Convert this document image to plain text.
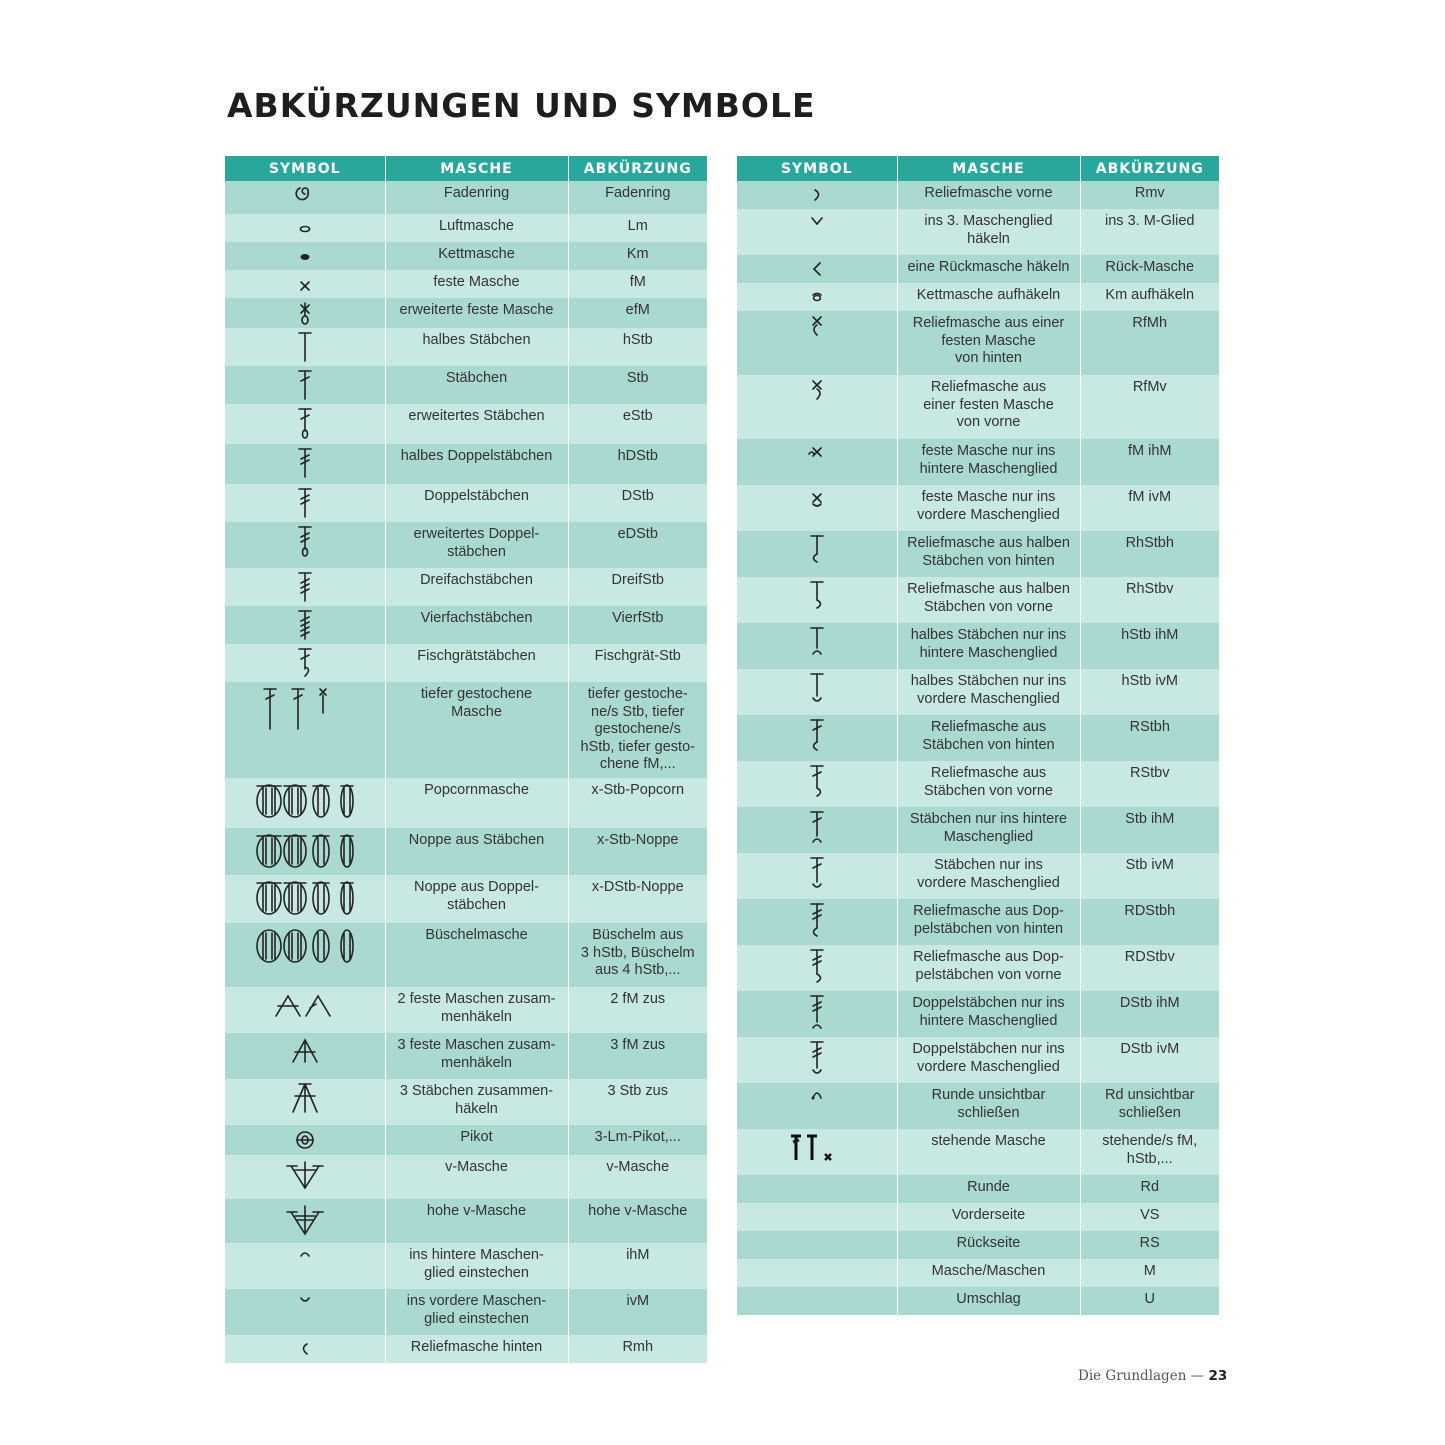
ABKÜRZUNGEN UND SYMBOLE
SYMBOL	MASCHE	ABKÜRZUNG

	Fadenring	Fadenring

	Luftmasche	Lm

	Kettmasche	Km

	feste Masche	fM

	erweiterte feste Masche	efM

	halbes Stäbchen	hStb

	Stäbchen	Stb

	erweitertes Stäbchen	eStb

	halbes Doppelstäbchen	hDStb

	Doppelstäbchen	DStb

	erweitertes Doppel-
stäbchen	eDStb

	Dreifachstäbchen	DreifStb

	Vierfachstäbchen	VierfStb

	Fischgrätstäbchen	Fischgrät-Stb

	tiefer gestochene
Masche	tiefer gestoche-
ne/s Stb, tiefer
gestochene/s
hStb, tiefer gesto-
chene fM,...

	Popcornmasche	x-Stb-Popcorn

	Noppe aus Stäbchen	x-Stb-Noppe

	Noppe aus Doppel-
stäbchen	x-DStb-Noppe

	Büschelmasche	Büschelm aus
3 hStb, Büschelm
aus 4 hStb,...

	2 feste Maschen zusam-
menhäkeln	2 fM zus

	3 feste Maschen zusam-
menhäkeln	3 fM zus

	3 Stäbchen zusammen-
häkeln	3 Stb zus

	Pikot	3-Lm-Pikot,...

	v-Masche	v-Masche

	hohe v-Masche	hohe v-Masche

	ins hintere Maschen-
glied einstechen	ihM

	ins vordere Maschen-
glied einstechen	ivM

	Reliefmasche hinten	Rmh
SYMBOL	MASCHE	ABKÜRZUNG

	Reliefmasche vorne	Rmv

	ins 3. Maschenglied
häkeln	ins 3. M-Glied

	eine Rückmasche häkeln	Rück-Masche

	Kettmasche aufhäkeln	Km aufhäkeln

	Reliefmasche aus einer
festen Masche
von hinten	RfMh

	Reliefmasche aus
einer festen Masche
von vorne	RfMv

	feste Masche nur ins
hintere Maschenglied	fM ihM

	feste Masche nur ins
vordere Maschenglied	fM ivM

	Reliefmasche aus halben
Stäbchen von hinten	RhStbh

	Reliefmasche aus halben
Stäbchen von vorne	RhStbv

	halbes Stäbchen nur ins
hintere Maschenglied	hStb ihM

	halbes Stäbchen nur ins
vordere Maschenglied	hStb ivM

	Reliefmasche aus
Stäbchen von hinten	RStbh

	Reliefmasche aus
Stäbchen von vorne	RStbv

	Stäbchen nur ins hintere
Maschenglied	Stb ihM

	Stäbchen nur ins
vordere Maschenglied	Stb ivM

	Reliefmasche aus Dop-
pelstäbchen von hinten	RDStbh

	Reliefmasche aus Dop-
pelstäbchen von vorne	RDStbv

	Doppelstäbchen nur ins
hintere Maschenglied	DStb ihM

	Doppelstäbchen nur ins
vordere Maschenglied	DStb ivM

	Runde unsichtbar
schließen	Rd unsichtbar
schließen

	stehende Masche	stehende/s fM,
hStb,...
	Runde	Rd
	Vorderseite	VS
	Rückseite	RS
	Masche/Maschen	M
	Umschlag	U
Die Grundlagen — 23
